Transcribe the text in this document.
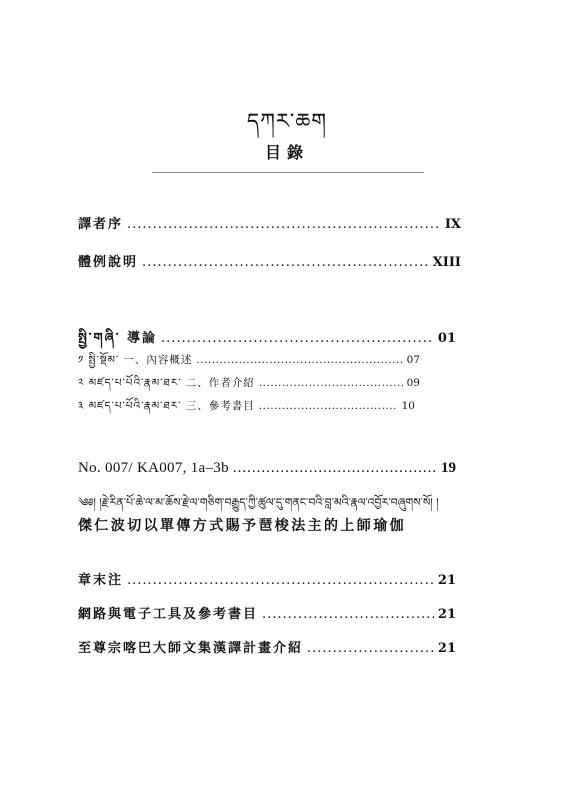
དཀར་ཆག
目錄
譯者序 .....	IX
體例說明 .....	XIII
སྤྱི་གཞི་ 導論 .....	01
༡ སྤྱི་སྡོམ་ 一、內容概述 .....	07
༢ མཛད་པ་པོའི་རྣམ་ཐར་ 二、作者介紹 .....	09
༣ མཛད་པ་པོའི་རྣམ་ཐར་ 三、參考書目 .....	10
No. 007/ KA007, 1a–3b .....	19
༄༅། །རྗེ་རིན་པོ་ཆེ་ལ་མ་ཆོས་རྗེ་ལ་གཅིག་བརྒྱུད་ཀྱི་ཚུལ་དུ་གནང་བའི་བླ་མའི་རྣལ་འབྱོར་བཞུགས་སོ། །
傑仁波切以單傳方式賜予琶梭法主的上師瑜伽
章末注 .....	21
網路與電子工具及參考書目 .....	21
至尊宗喀巴大師文集漢譯計畫介紹 .....	21
